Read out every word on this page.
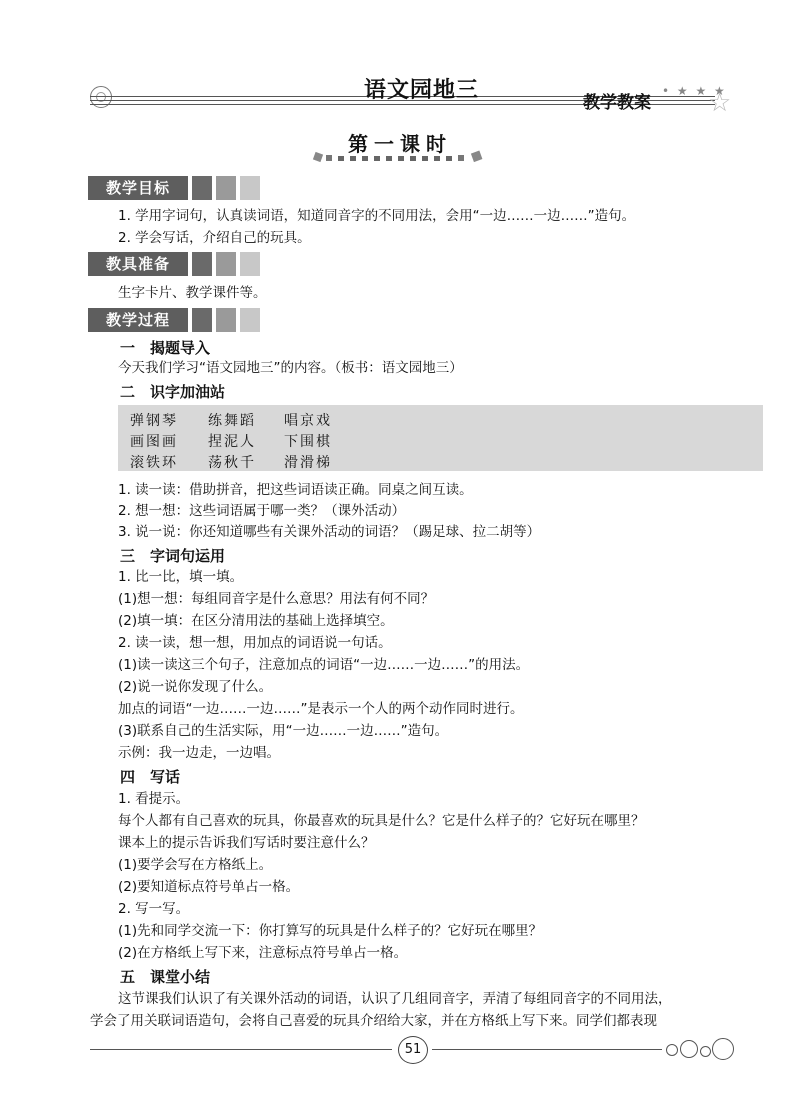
语文园地三	教学教案
• ★ ★ ★
☆
第一课时
教学目标
1. 学用字词句，认真读词语，知道同音字的不同用法，会用“一边……一边……”造句。
2. 学会写话，介绍自己的玩具。
教具准备
生字卡片、教学课件等。
教学过程
一　揭题导入
今天我们学习“语文园地三”的内容。（板书：语文园地三）
二　识字加油站
弹钢琴 练舞蹈 唱京戏
画图画 捏泥人 下围棋
滚铁环 荡秋千 滑滑梯
1. 读一读：借助拼音，把这些词语读正确。同桌之间互读。
2. 想一想：这些词语属于哪一类？（课外活动）
3. 说一说：你还知道哪些有关课外活动的词语？（踢足球、拉二胡等）
三　字词句运用
1. 比一比，填一填。
(1)想一想：每组同音字是什么意思？用法有何不同？
(2)填一填：在区分清用法的基础上选择填空。
2. 读一读，想一想，用加点的词语说一句话。
(1)读一读这三个句子，注意加点的词语“一边……一边……”的用法。
(2)说一说你发现了什么。
加点的词语“一边……一边……”是表示一个人的两个动作同时进行。
(3)联系自己的生活实际，用“一边……一边……”造句。
示例：我一边走，一边唱。
四　写话
1. 看提示。
每个人都有自己喜欢的玩具，你最喜欢的玩具是什么？它是什么样子的？它好玩在哪里？
课本上的提示告诉我们写话时要注意什么？
(1)要学会写在方格纸上。
(2)要知道标点符号单占一格。
2. 写一写。
(1)先和同学交流一下：你打算写的玩具是什么样子的？它好玩在哪里？
(2)在方格纸上写下来，注意标点符号单占一格。
五　课堂小结
这节课我们认识了有关课外活动的词语，认识了几组同音字，弄清了每组同音字的不同用法，
学会了用关联词语造句，会将自己喜爱的玩具介绍给大家，并在方格纸上写下来。同学们都表现
51
